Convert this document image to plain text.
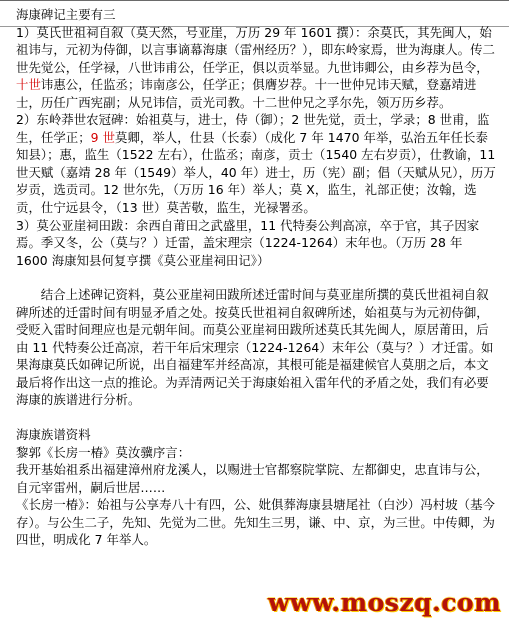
海康碑记主要有三

1）莫氏世祖祠自叙（莫天然，号亚崖，万历 29 年 1601 撰）：余莫氏，其先闽人，始祖讳与，元初为侍御，以言事谪幕海康（雷州经历？），即东岭家焉，世为海康人。传二世先觉公，任学禄，八世讳甫公，任学正，俱以贡举显。九世讳卿公，由乡荐为邑令，十世讳惠公，任监丞；讳南彦公，任学正；俱膺岁荐。十一世仲兄讳天赋，登嘉靖进士，历任广西宪副；从兄讳信，贡光司教。十二世仲兄之孚尔先，领万历乡荐。

2）东岭莽世农冠碑：始祖莫与，进士，侍（御）；2 世先觉，贡士，学录；8 世甫，监生，任学正；9 世莫卿，举人，仕县（长泰）（成化 7 年 1470 年举，弘治五年任长泰知县）；惠，监生（1522 左右），仕监丞；南彦，贡士（1540 左右岁贡），仕教谕，11 世天赋（嘉靖 28 年（1549）举人，40 年）进士，历（宪）副；倡（天赋从兄），历万岁贡，选贡司。12 世尔先，（万历 16 年）举人；莫 X，监生，礼部正使；汝翰，选贡，仕宁远县令，（13 世）莫苦敬，监生，光禄署丞。

3）莫公亚崖祠田跋：余西自莆田之武盛里，11 代特奏公判高凉，卒于官，其子因家焉。季又冬，公（莫与？）迁雷，盖宋理宗（1224-1264）末年也。（万历 28 年 1600 海康知县何复亨撰《莫公亚崖祠田记》）

结合上述碑记资料，莫公亚崖祠田跋所述迁雷时间与莫亚崖所撰的莫氏世祖祠自叙碑所述的迁雷时间有明显矛盾之处。按莫氏世祖祠自叙碑所述，始祖莫与为元初侍御，受贬入雷时间理应也是元朝年间。而莫公亚崖祠田跋所述莫氏其先闽人，原居莆田，后由 11 代特奏公迁高凉，若干年后宋理宗（1224-1264）末年公（莫与？）才迁雷。如果海康莫氏如碑记所说，出自福建军并经高凉，其根可能是福建候官人莫朋之后，本文最后将作出这一点的推论。为弄清两记关于海康始祖入雷年代的矛盾之处，我们有必要海康的族谱进行分析。

海康族谱资料

黎郭《长房一椿》莫汝骥序言：

我开基始祖系出福建漳州府龙溪人，以赐进士官都察院掌院、左都御史，忠直讳与公，自元宰雷州，嗣后世居……

《长房一椿》：始祖与公享寿八十有四，公、妣俱葬海康县塘尾社（白沙）冯村坡（基今存）。与公生二子，先知、先觉为二世。先知生三男，谦、中、京，为三世。中传卿，为四世，明成化 7 年举人。

www.moszq.com
